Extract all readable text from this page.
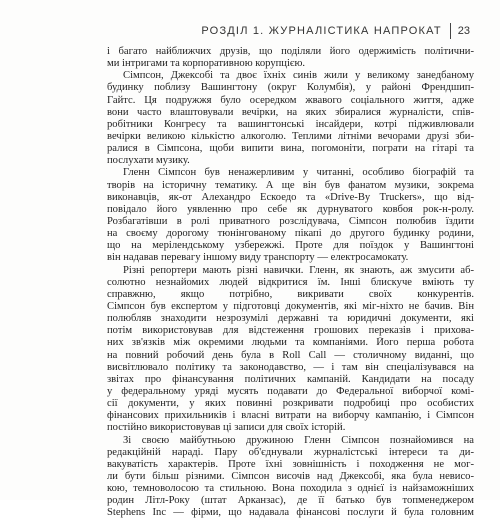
РОЗДІЛ 1. ЖУРНАЛІСТИКА НАПРОКАТ 23
і багато найближчих друзів, що поділяли його одержимість політични-
ми інтригами та корпоративною корупцією.
Сімпсон, Джексобі та двоє їхніх синів жили у великому занедбаному
будинку поблизу Вашингтону (округ Колумбія), у районі Френдшип-
Гайтс. Ця подружжя було осередком жвавого соціального життя, адже
вони часто влаштовували вечірки, на яких збиралися журналісти, спів-
робітники Конгресу та вашингтонські інсайдери, котрі підживлювали
вечірки великою кількістю алкоголю. Теплими літніми вечорами друзі зби-
ралися в Сімпсона, щоби випити вина, погомоніти, пограти на гітарі та
послухати музику.
Гленн Сімпсон був ненажерливим у читанні, особливо біографій та
творів на історичну тематику. А ще він був фанатом музики, зокрема
виконавців, як-от Алехандро Ескоедо та «Drive-By Truckers», що від-
повідало його уявленню про себе як дурнуватого ковбоя рок-н-ролу.
Розбагатівши в ролі приватного розслідувача, Сімпсон полюбив їздити
на своєму дорогому тюнінгованому пікапі до другого будинку родини,
що на мерілендському узбережжі. Проте для поїздок у Вашингтоні
він надавав перевагу іншому виду транспорту — електросамокату.
Різні репортери мають різні навички. Гленн, як знають, аж змусити аб-
солютно незнайомих людей відкритися їм. Інші блискуче вміють ту
справжню, якщо потрібно, викривати своїх конкурентів.
Сімпсон був експертом у підготовці документів, які міг-ніхто не бачив. Він
полюбляв знаходити незрозумілі державні та юридичні документи, які
потім використовував для відстеження грошових переказів і прихова-
них зв'язків між окремими людьми та компаніями. Його перша робота
на повний робочий день була в Roll Call — столичному виданні, що
висвітлювало політику та законодавство, — і там він спеціалізувався на
звітах про фінансування політичних кампаній. Кандидати на посаду
у федеральному уряді мусять подавати до Федеральної виборчої комі-
сії документи, у яких повинні розкривати подробиці про особистих
фінансових прихильників і власні витрати на виборчу кампанію, і Сімпсон
постійно використовував ці записи для своїх історій.
Зі своєю майбутньою дружиною Гленн Сімпсон познайомився на
редакційній нараді. Пару об'єднували журналістські інтереси та ди-
вакуватість характерів. Проте їхні зовнішність і походження не мог-
ли бути більш різними. Сімпсон височів над Джексобі, яка була невисо-
кою, темноволосою та стильною. Вона походила з однієї із найзаможніших
родин Літл-Року (штат Арканзас), де її батько був топменеджером
Stephens Inc — фірми, що надавала фінансові послуги й була головним
